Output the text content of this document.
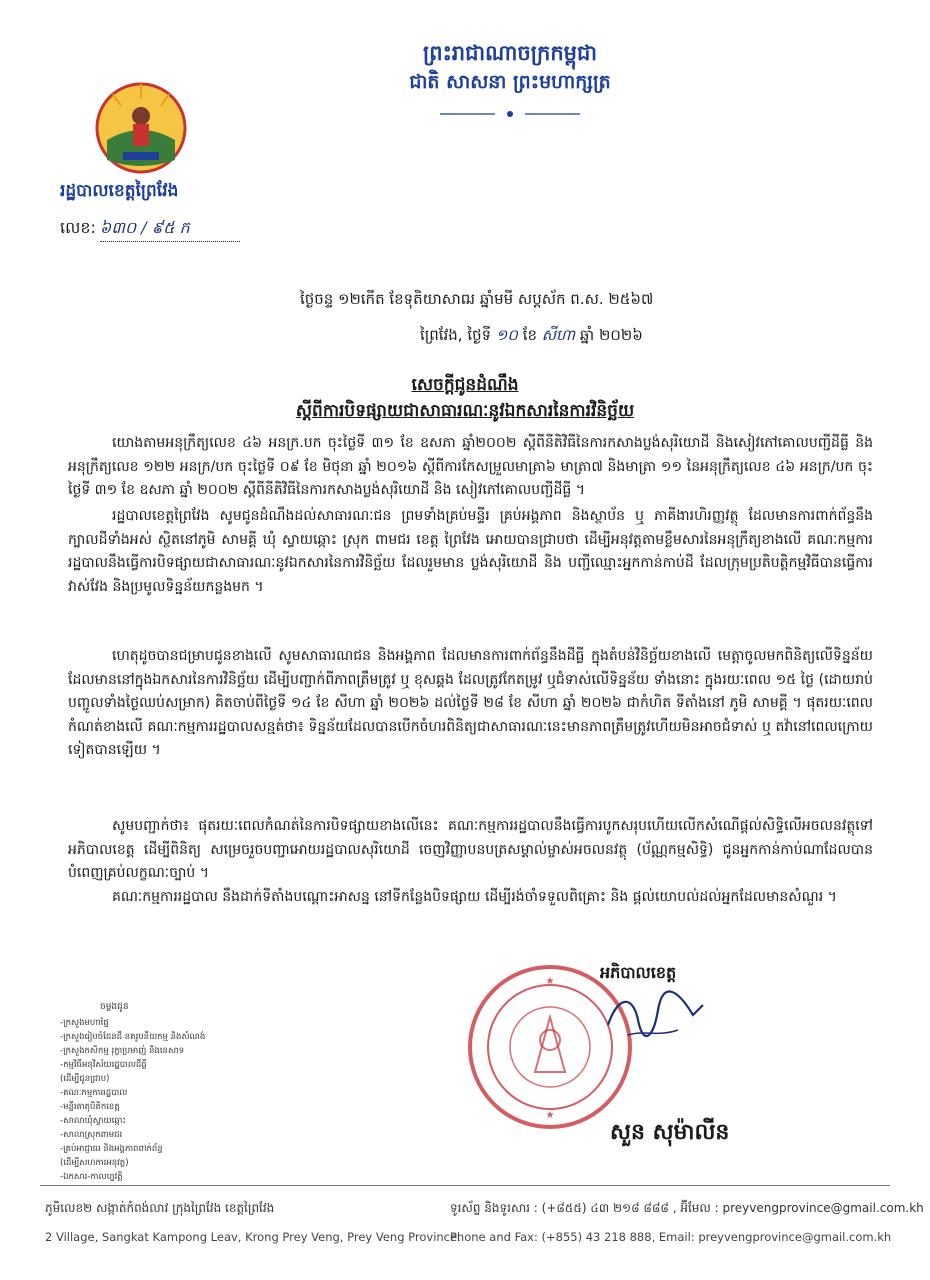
ព្រះរាជាណាចក្រកម្ពុជា
ជាតិ សាសនា ព្រះមហាក្សត្រ
រដ្ឋបាលខេត្តព្រៃវែង
លេខ: ៦៣០ / ៩៥ ក
ថ្ងៃចន្ទ ១២កើត ខែទុតិយាសាឍ ឆ្នាំមមី សប្តស័ក ព.ស. ២៥៦៧
ព្រៃវែង, ថ្ងៃទី ១០ ខែ សីហា ឆ្នាំ ២០២៦
សេចក្តីជូនដំណឹង
ស្តីពីការបិទផ្សាយជាសាធារណៈនូវឯកសារនៃការវិនិច្ឆ័យ
យោងតាមអនុក្រឹត្យលេខ ៤៦ អនក្រ.បក ចុះថ្ងៃទី ៣១ ខែ ឧសភា ឆ្នាំ២០០២ ស្តីពីនីតិវិធីនៃការកសាងប្លង់សុរិយោដី និងសៀវភៅគោលបញ្ជីដីធ្លី និង អនុក្រឹត្យលេខ ១២២ អនក្រ/បក ចុះថ្ងៃទី ០៩ ខែ មិថុនា ឆ្នាំ ២០១៦ ស្តីពីការកែសម្រួលមាត្រា៦ មាត្រា៧ និងមាត្រា ១១ នៃអនុក្រឹត្យលេខ ៤៦ អនក្រ/បក ចុះថ្ងៃទី ៣១ ខែ ឧសភា ឆ្នាំ ២០០២ ស្តីពីនីតិវិធីនៃការកសាងប្លង់សុរិយោដី និង សៀវភៅគោលបញ្ជីដីធ្លី ។
រដ្ឋបាលខេត្តព្រៃវែង សូមជូនដំណឹងដល់សាធារណៈជន ព្រមទាំងគ្រប់មន្ទីរ គ្រប់អង្គភាព និងស្ថាប័ន ឬ ភាគីងារហិរញ្ញវត្ថុ ដែលមានការពាក់ព័ន្ធនឹងក្បាលដីទាំងអស់ ស្ថិតនៅភូមិ សាមគ្គី ឃុំ ស្វាយឆ្កោះ ស្រុក ពាមជរ ខេត្ត ព្រៃវែង អោយបានជ្រាបថា ដើម្បីអនុវត្តតាមខ្លឹមសារនៃអនុក្រឹត្យខាងលើ គណៈកម្មការរដ្ឋបាលនឹងធ្វើការបិទផ្សាយជាសាធារណៈនូវឯកសារនៃការវិនិច្ឆ័យ ដែលរួមមាន ប្លង់សុរិយោដី និង បញ្ជីឈ្មោះអ្នកកាន់កាប់ដី ដែលក្រុមប្រតិបត្តិកម្មវិធីបានធ្វើការវាស់វែង និងប្រមូលទិន្នន័យកន្លងមក ។
ហេតុដូចបានជម្រាបជូនខាងលើ សូមសាធារណជន និងអង្គភាព ដែលមានការពាក់ព័ន្ធនឹងដីធ្លី ក្នុងតំបន់វិនិច្ឆ័យខាងលើ មេត្តាចូលមកពិនិត្យលើទិន្នន័យដែលមាននៅក្នុងឯកសារនៃការវិនិច្ឆ័យ ដើម្បីបញ្ជាក់ពីភាពត្រឹមត្រូវ ឬ ខុសឆ្គង ដែលត្រូវកែតម្រូវ ឬជំទាស់លើទិន្នន័យ ទាំងនោះ ក្នុងរយៈពេល ១៥ ថ្ងៃ (ដោយរាប់បញ្ចូលទាំងថ្ងៃឈប់សម្រាក) គិតចាប់ពីថ្ងៃទី ១៤ ខែ សីហា ឆ្នាំ ២០២៦ ដល់ថ្ងៃទី ២៨ ខែ សីហា ឆ្នាំ ២០២៦ ជាកំហិត ទីតាំងនៅ ភូមិ សាមគ្គី ។ ផុតរយៈពេលកំណត់ខាងលើ គណៈកម្មការរដ្ឋបាលសន្មត់ថា៖ ទិន្នន័យដែលបានបើកចំហរពិនិត្យជាសាធារណៈនេះមានភាពត្រឹមត្រូវហើយមិនអាចជំទាស់ ឬ តវ៉ានៅពេលក្រោយទៀតបានឡើយ ។
សូមបញ្ជាក់ថា៖ ផុតរយៈពេលកំណត់នៃការបិទផ្សាយខាងលើនេះ គណៈកម្មការរដ្ឋបាលនឹងធ្វើការបូកសរុបហើយលើកសំណើផ្តល់សិទ្ធិលើអចលនវត្ថុទៅអភិបាលខេត្ត ដើម្បីពិនិត្យ សម្រេចរួចបញ្ជាអោយរដ្ឋបាលសុរិយោដី ចេញវិញ្ញាបនបត្រសម្គាល់ម្ចាស់អចលនវត្ថុ (ប័ណ្ណកម្មសិទ្ធិ) ជូនអ្នកកាន់កាប់ណាដែលបានបំពេញគ្រប់លក្ខណៈច្បាប់ ។
គណៈកម្មការរដ្ឋបាល នឹងដាក់ទីតាំងបណ្តោះអាសន្ន នៅទីកន្លែងបិទផ្សាយ ដើម្បីរង់ចាំទទួលពិគ្រោះ និង ផ្តល់យោបល់ដល់អ្នកដែលមានសំណួរ ។
★
★
អភិបាលខេត្ត
សួន សុម៉ាលីន
ចម្លងជូន
-ក្រសួងមហាផ្ទៃ
-ក្រសួងរៀបចំដែនដី នគរូបនីយកម្ម និងសំណង់
-ក្រសួងកសិកម្ម រុក្ខាប្រមាញ់ និងនេសាទ
-កម្មវិធីអនុវិស័យរដ្ឋបាលដីធ្លី
(ដើម្បីជូនជ្រាប)
-គណៈកម្មការរដ្ឋបាល
-មន្ទីរគាតុបិតិកខេត្ត
-សាលាឃុំស្វាយឆ្កោះ
-សាលាស្រុកពាមជរ
-គ្រប់អាជ្ញាធរ និងអង្គភាពពាក់ព័ន្ធ
(ដើម្បីសហការអនុវត្ត)
-ឯកសារ-កាលប្បវត្តិ
ភូមិលេខ២ សង្កាត់កំពង់លាវ ក្រុងព្រៃវែង ខេត្តព្រៃវែង
2 Village, Sangkat Kampong Leav, Krong Prey Veng, Prey Veng Province.
ទូរស័ព្ទ និងទូរសារ : (+៨៥៥) ៤៣ ២១៨ ៨៨៨ , អ៊ីមែល : preyvengprovince@gmail.com.kh
Phone and Fax: (+855) 43 218 888, Email: preyvengprovince@gmail.com.kh
